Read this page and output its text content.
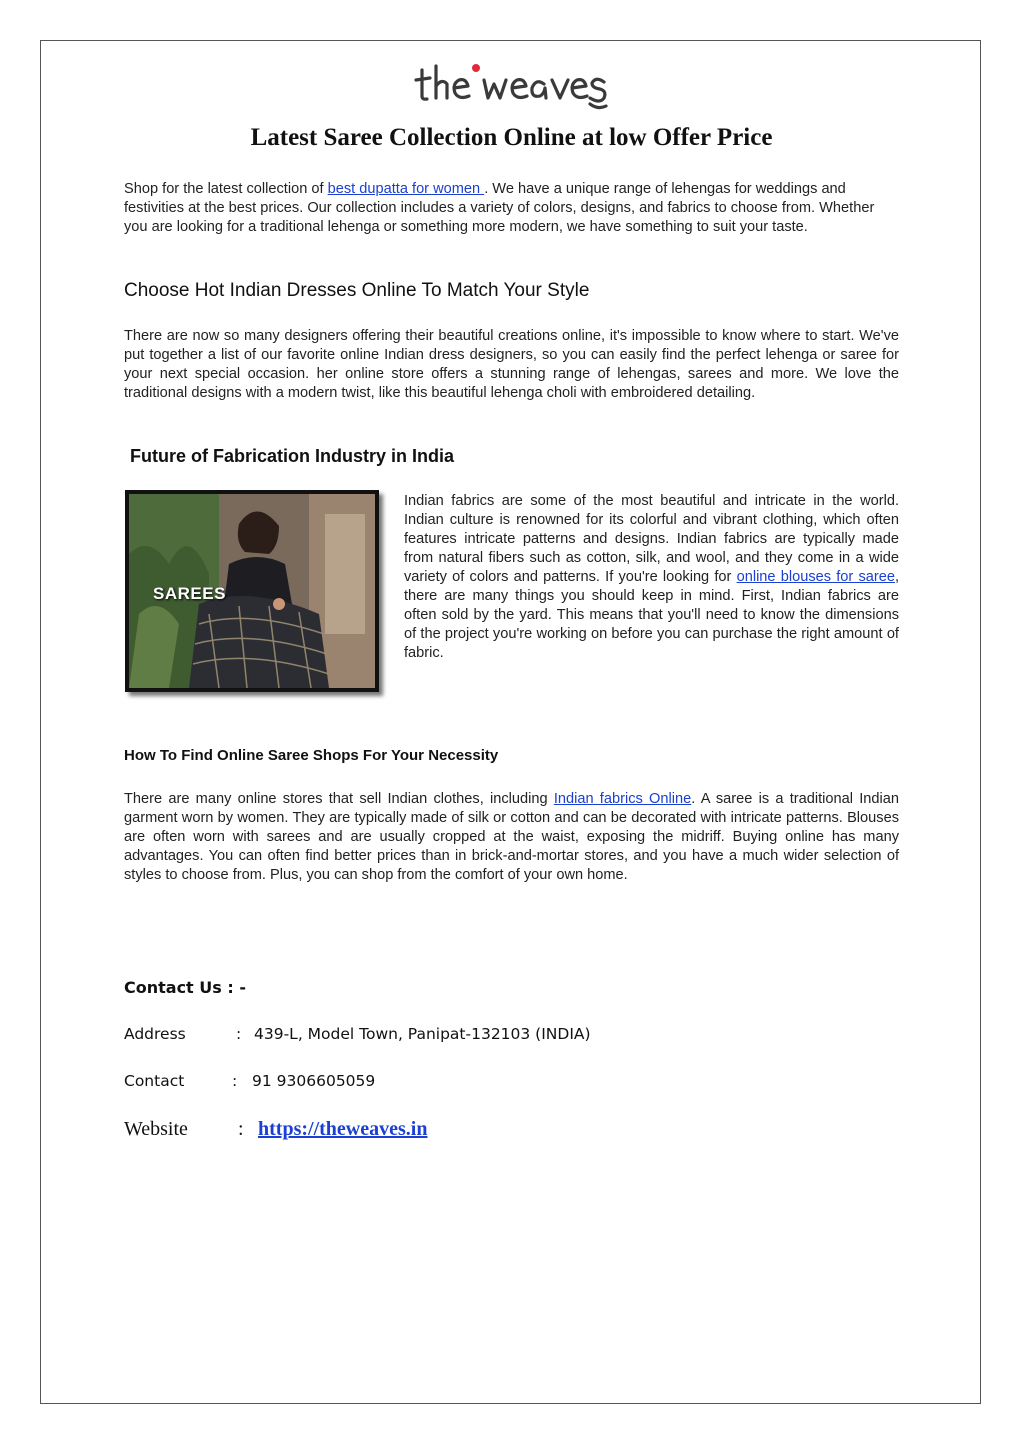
Latest Saree Collection Online at low Offer Price

Shop for the latest collection of best dupatta for women . We have a unique range of lehengas for weddings and festivities at the best prices. Our collection includes a variety of colors, designs, and fabrics to choose from. Whether you are looking for a traditional lehenga or something more modern, we have something to suit your taste.

Choose Hot Indian Dresses Online To Match Your Style

There are now so many designers offering their beautiful creations online, it's impossible to know where to start. We've put together a list of our favorite online Indian dress designers, so you can easily find the perfect lehenga or saree for your next special occasion. her online store offers a stunning range of lehengas, sarees and more. We love the traditional designs with a modern twist, like this beautiful lehenga choli with embroidered detailing.

Future of Fabrication Industry in India
SAREES

Indian fabrics are some of the most beautiful and intricate in the world. Indian culture is renowned for its colorful and vibrant clothing, which often features intricate patterns and designs. Indian fabrics are typically made from natural fibers such as cotton, silk, and wool, and they come in a wide variety of colors and patterns. If you're looking for online blouses for saree, there are many things you should keep in mind. First, Indian fabrics are often sold by the yard. This means that you'll need to know the dimensions of the project you're working on before you can purchase the right amount of fabric.

How To Find Online Saree Shops For Your Necessity

There are many online stores that sell Indian clothes, including Indian fabrics Online. A saree is a traditional Indian garment worn by women. They are typically made of silk or cotton and can be decorated with intricate patterns. Blouses are often worn with sarees and are usually cropped at the waist, exposing the midriff. Buying online has many advantages. You can often find better prices than in brick-and-mortar stores, and you have a much wider selection of styles to choose from. Plus, you can shop from the comfort of your own home.

Contact Us : -
Address	: 439-L, Model Town, Panipat-132103 (INDIA)
Contact	: 91 9306605059
Website	: https://theweaves.in
